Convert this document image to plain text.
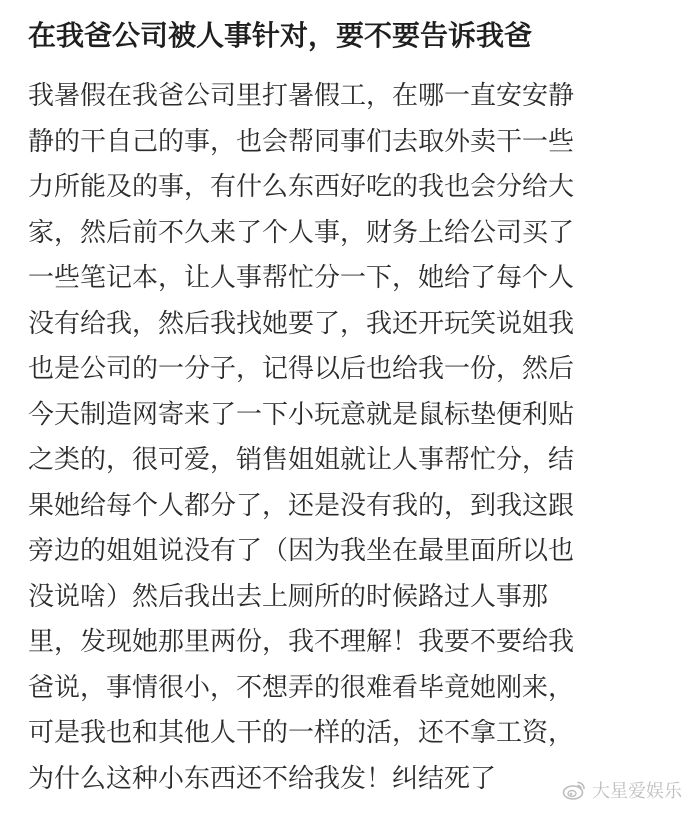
在我爸公司被人事针对，要不要告诉我爸
我暑假在我爸公司里打暑假工，在哪一直安安静
静的干自己的事，也会帮同事们去取外卖干一些
力所能及的事，有什么东西好吃的我也会分给大
家，然后前不久来了个人事，财务上给公司买了
一些笔记本，让人事帮忙分一下，她给了每个人
没有给我，然后我找她要了，我还开玩笑说姐我
也是公司的一分子，记得以后也给我一份，然后
今天制造网寄来了一下小玩意就是鼠标垫便利贴
之类的，很可爱，销售姐姐就让人事帮忙分，结
果她给每个人都分了，还是没有我的，到我这跟
旁边的姐姐说没有了（因为我坐在最里面所以也
没说啥）然后我出去上厕所的时候路过人事那
里，发现她那里两份，我不理解！我要不要给我
爸说，事情很小，不想弄的很难看毕竟她刚来，
可是我也和其他人干的一样的活，还不拿工资，
为什么这种小东西还不给我发！纠结死了	大星爱娱乐
